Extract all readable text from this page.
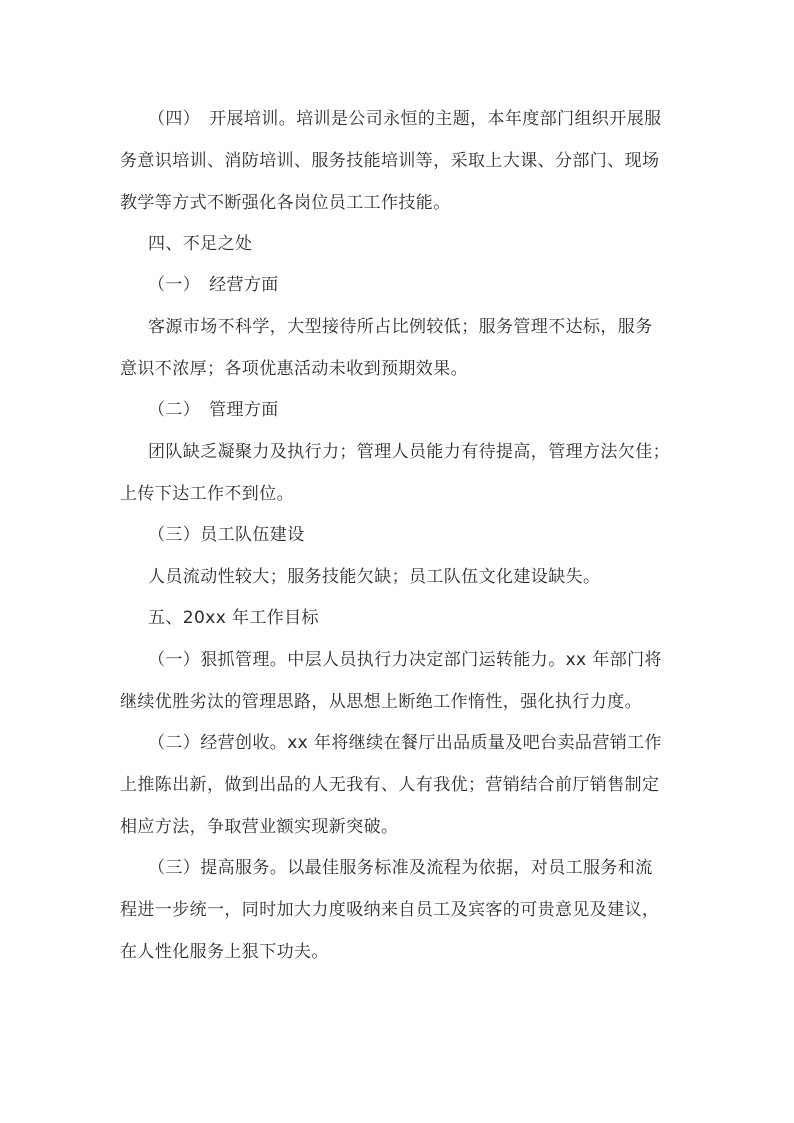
（四）　开展培训。培训是公司永恒的主题，本年度部门组织开展服
务意识培训、消防培训、服务技能培训等，采取上大课、分部门、现场
教学等方式不断强化各岗位员工工作技能。
四、不足之处
（一）　经营方面
客源市场不科学，大型接待所占比例较低；服务管理不达标，服务
意识不浓厚；各项优惠活动未收到预期效果。
（二）　管理方面
团队缺乏凝聚力及执行力；管理人员能力有待提高，管理方法欠佳；
上传下达工作不到位。
（三）员工队伍建设
人员流动性较大；服务技能欠缺；员工队伍文化建设缺失。
五、20xx 年工作目标
（一）狠抓管理。中层人员执行力决定部门运转能力。xx 年部门将
继续优胜劣汰的管理思路，从思想上断绝工作惰性，强化执行力度。
（二）经营创收。xx 年将继续在餐厅出品质量及吧台卖品营销工作
上推陈出新，做到出品的人无我有、人有我优；营销结合前厅销售制定
相应方法，争取营业额实现新突破。
（三）提高服务。以最佳服务标准及流程为依据，对员工服务和流
程进一步统一，同时加大力度吸纳来自员工及宾客的可贵意见及建议，
在人性化服务上狠下功夫。
